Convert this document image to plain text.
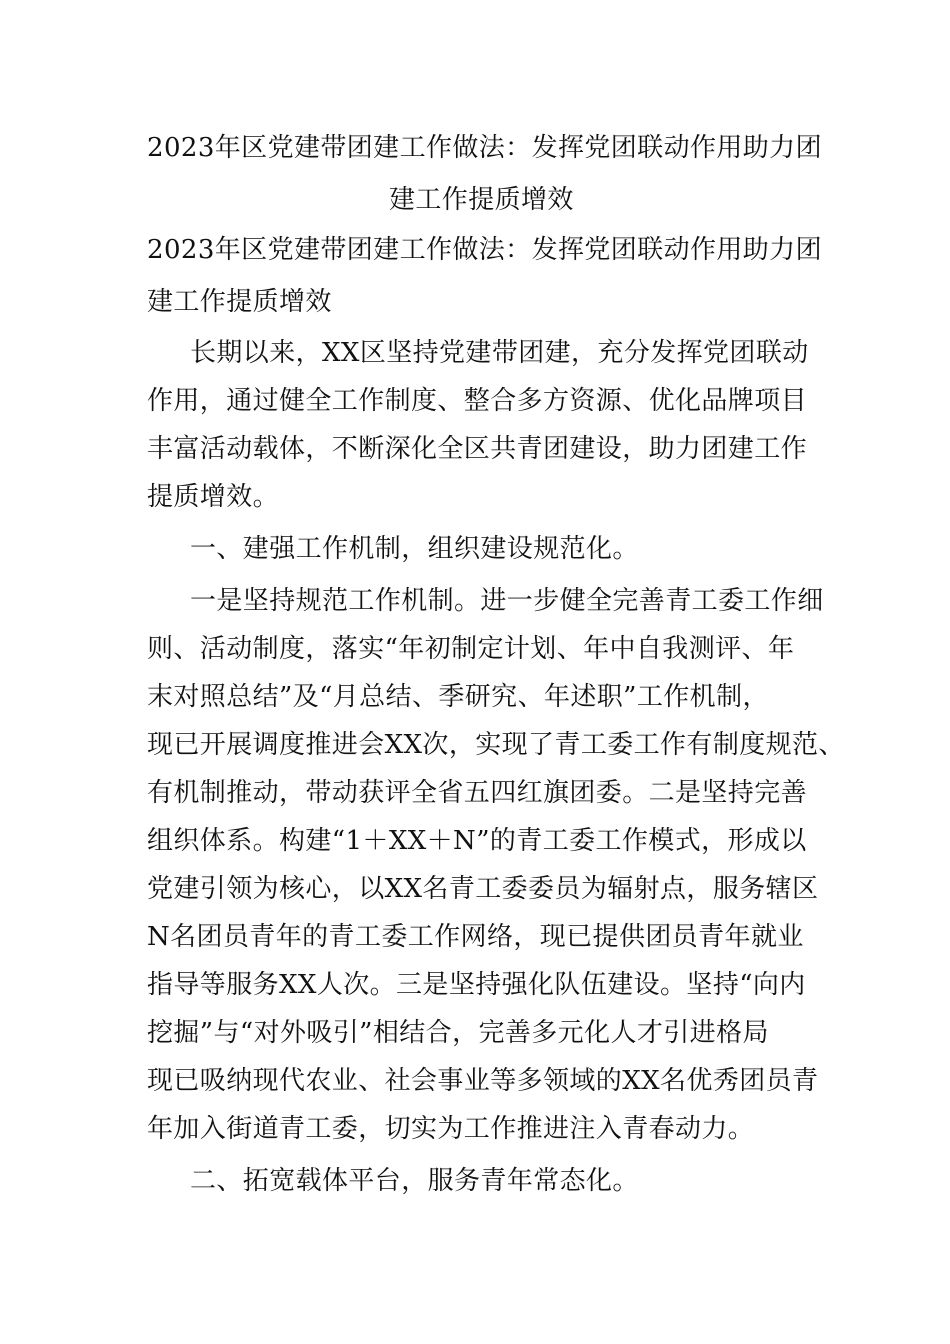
2023年区党建带团建工作做法：发挥党团联动作用助力团
建工作提质增效
2023年区党建带团建工作做法：发挥党团联动作用助力团
建工作提质增效
长期以来，XX区坚持党建带团建，充分发挥党团联动
作用，通过健全工作制度、整合多方资源、优化品牌项目
丰富活动载体，不断深化全区共青团建设，助力团建工作
提质增效。
一、建强工作机制，组织建设规范化。
一是坚持规范工作机制。进一步健全完善青工委工作细
则、活动制度，落实“年初制定计划、年中自我测评、年
末对照总结”及“月总结、季研究、年述职”工作机制，
现已开展调度推进会XX次，实现了青工委工作有制度规范、
有机制推动，带动获评全省五四红旗团委。二是坚持完善
组织体系。构建“1＋XX＋N”的青工委工作模式，形成以
党建引领为核心，以XX名青工委委员为辐射点，服务辖区
N名团员青年的青工委工作网络，现已提供团员青年就业
指导等服务XX人次。三是坚持强化队伍建设。坚持“向内
挖掘”与“对外吸引”相结合，完善多元化人才引进格局
现已吸纳现代农业、社会事业等多领域的XX名优秀团员青
年加入街道青工委，切实为工作推进注入青春动力。
二、拓宽载体平台，服务青年常态化。
